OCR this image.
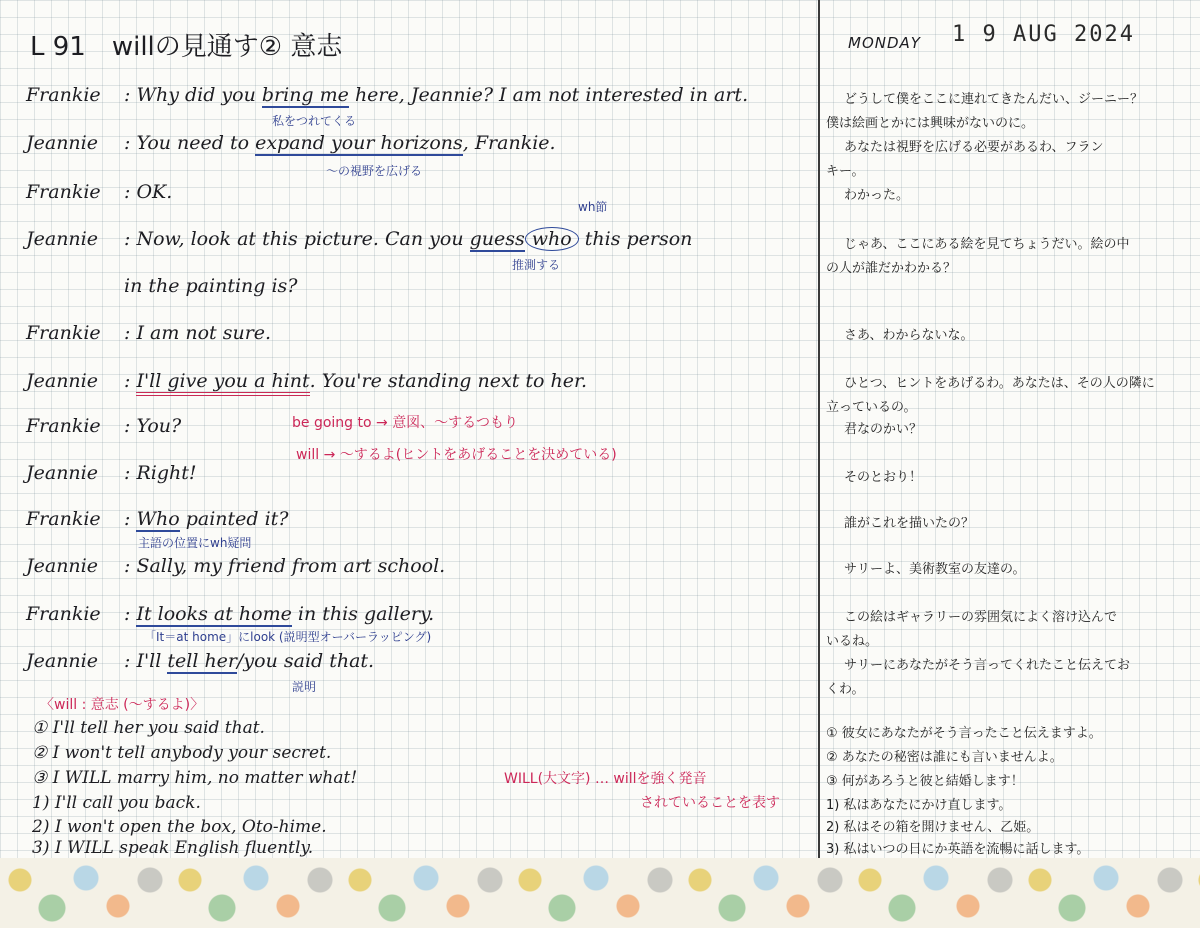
L 91　willの見通す② 意志	MONDAY 1 9 AUG 2024
Frankie : Why did you bring me here, Jeannie? I am not interested in art.
私をつれてくる
Jeannie : You need to expand your horizons, Frankie.
～の視野を広げる
Frankie : OK.
wh節
Jeannie : Now, look at this picture. Can you guess who this person
推測する
in the painting is?
Frankie : I am not sure.
Jeannie : I'll give you a hint. You're standing next to her.
Frankie : You?	be going to → 意図、～するつもり
will → ～するよ(ヒントをあげることを決めている)
Jeannie : Right!
Frankie : Who painted it?
主語の位置にwh疑問
Jeannie : Sally, my friend from art school.
Frankie : It looks at home in this gallery.
「It＝at home」にlook (説明型オーバーラッピング)
Jeannie : I'll tell her/you said that.
説明
〈will : 意志 (～するよ)〉
① I'll tell her you said that.
② I won't tell anybody your secret.
③ I WILL marry him, no matter what!
1) I'll call you back.
2) I won't open the box, Oto-hime.
3) I WILL speak English fluently.
WILL(大文字) … willを強く発音
されていることを表す
どうして僕をここに連れてきたんだい、ジーニー？
僕は絵画とかには興味がないのに。
あなたは視野を広げる必要があるわ、フラン
キー。
わかった。
じゃあ、ここにある絵を見てちょうだい。絵の中
の人が誰だかわかる？
さあ、わからないな。
ひとつ、ヒントをあげるわ。あなたは、その人の隣に
立っているの。
君なのかい？
そのとおり！
誰がこれを描いたの？
サリーよ、美術教室の友達の。
この絵はギャラリーの雰囲気によく溶け込んで
いるね。
サリーにあなたがそう言ってくれたこと伝えてお
くわ。
① 彼女にあなたがそう言ったこと伝えますよ。
② あなたの秘密は誰にも言いませんよ。
③ 何があろうと彼と結婚します！
1) 私はあなたにかけ直します。
2) 私はその箱を開けません、乙姫。
3) 私はいつの日にか英語を流暢に話します。
